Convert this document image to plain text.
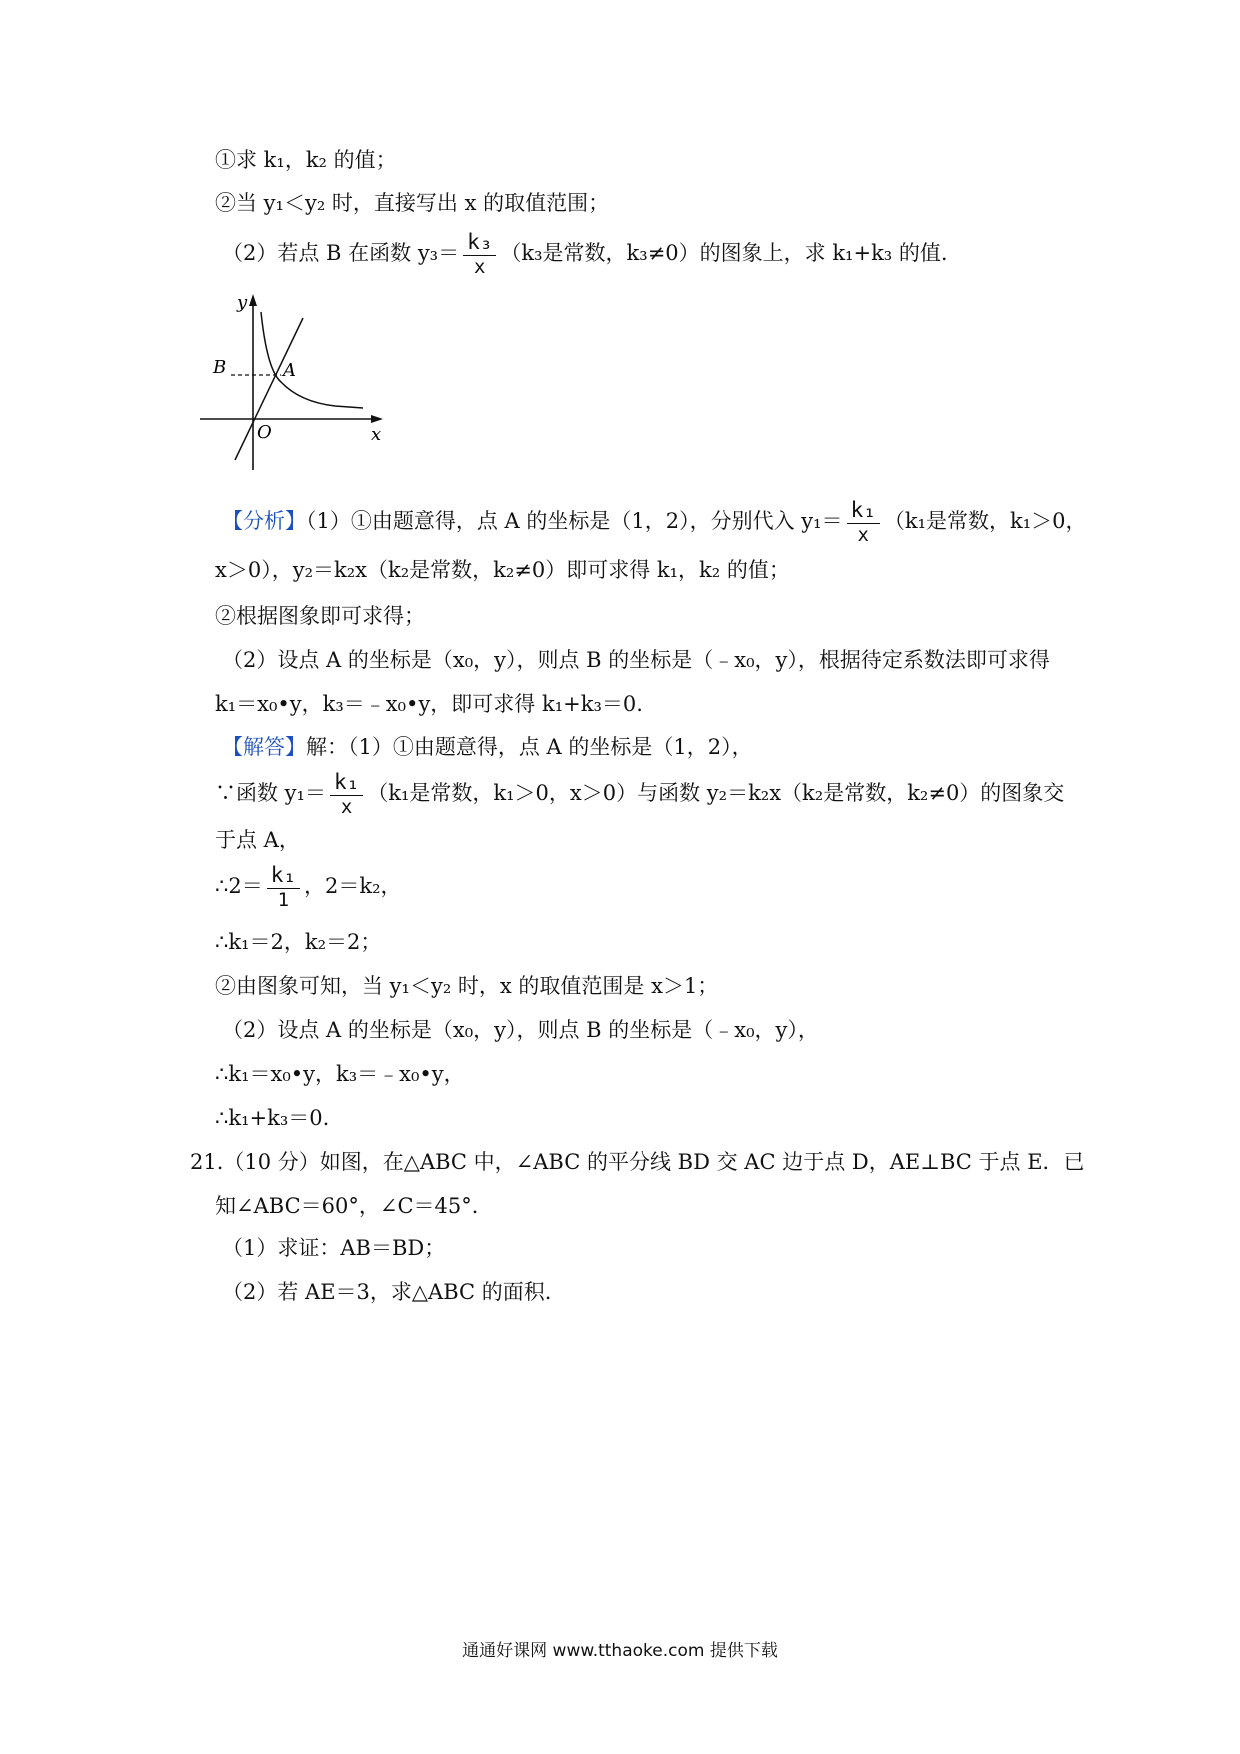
①求 k₁，k₂ 的值；
②当 y₁＜y₂ 时，直接写出 x 的取值范围；
（2）若点 B 在函数 $y_3= \frac{\text{k₃}}{x} (k_3$是常数，k₃≠0）的图象上，求 k₁+k₃ 的值.
y
x
B	A
O
【分析】（1）①由题意得，点 A 的坐标是（1，2），分别代入 $y_1= \frac{\text{k₁}}{x} (k_1$是常数，k₁＞0，
x＞0），y₂＝k₂x（k₂是常数，k₂≠0）即可求得 k₁，k₂ 的值；
②根据图象即可求得；
（2）设点 A 的坐标是（x₀，y），则点 B 的坐标是（﹣x₀，y），根据待定系数法即可求得
k₁＝x₀•y，k₃＝﹣x₀•y，即可求得 k₁+k₃＝0.
【解答】解：（1）①由题意得，点 A 的坐标是（1，2），
∵函数 $y_1= \frac{\text{k₁}}{x} (k_1$是常数，k₁＞0，x＞0）与函数 y₂＝k₂x（k₂是常数，k₂≠0）的图象交
于点 A，
∴2＝ $\frac{\text{k₁}}{1}$ ，2＝k₂，
∴k₁＝2，k₂＝2；
②由图象可知，当 y₁＜y₂ 时，x 的取值范围是 x＞1；
（2）设点 A 的坐标是（x₀，y），则点 B 的坐标是（﹣x₀，y），
∴k₁＝x₀•y，k₃＝﹣x₀•y，
∴k₁+k₃＝0.
21.（10 分）如图，在△ABC 中，∠ABC 的平分线 BD 交 AC 边于点 D，AE⊥BC 于点 E．已
知∠ABC＝60°，∠C＝45°．
（1）求证：AB＝BD；
（2）若 AE＝3，求△ABC 的面积.
通通好课网 www.tthaoke.com 提供下载
